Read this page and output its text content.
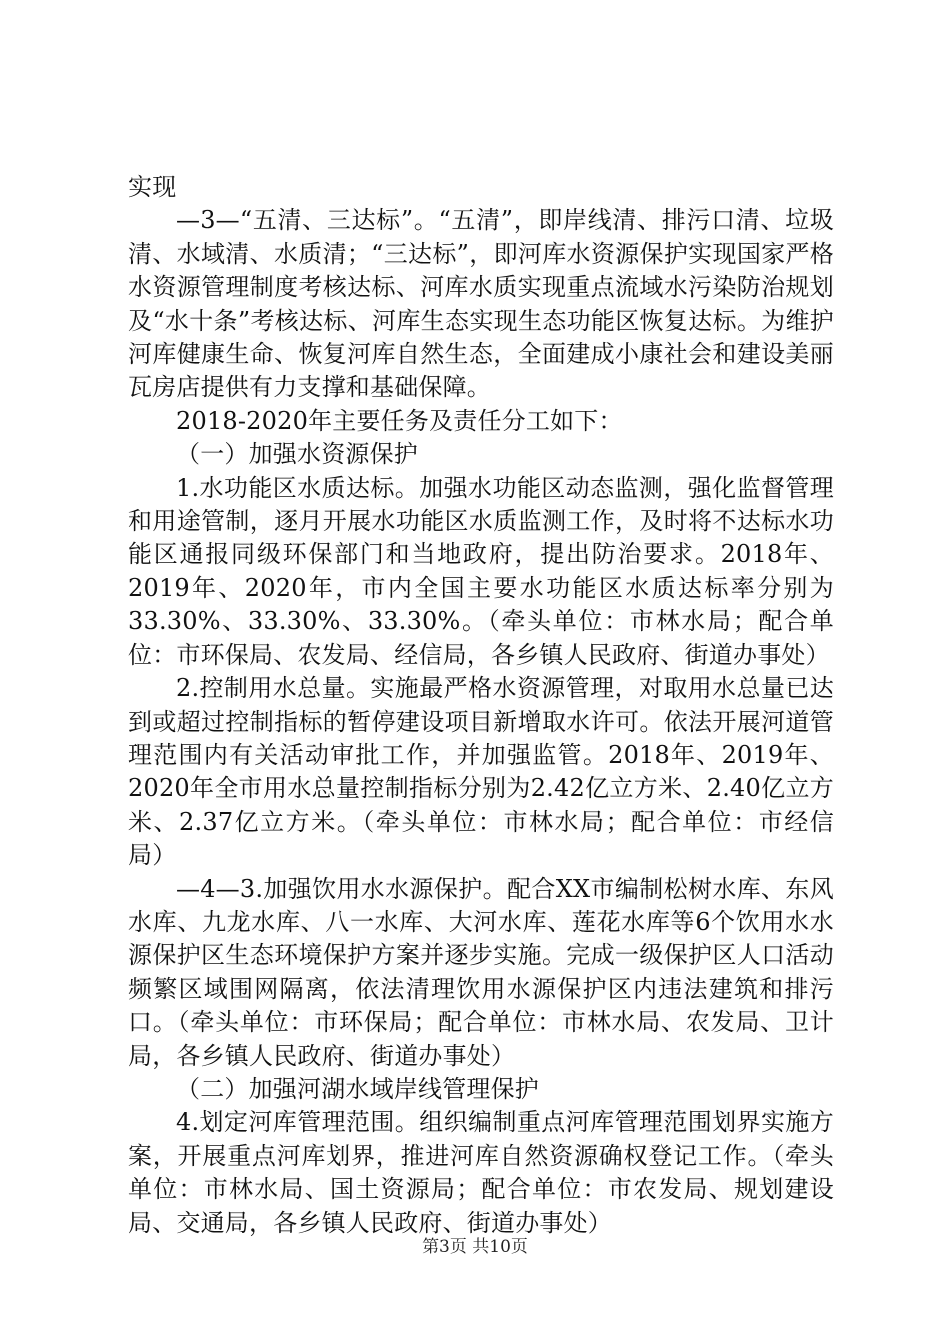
实现

—3—“五清、三达标”。“五清”，即岸线清、排污口清、垃圾清、水域清、水质清；“三达标”，即河库水资源保护实现国家严格水资源管理制度考核达标、河库水质实现重点流域水污染防治规划及“水十条”考核达标、河库生态实现生态功能区恢复达标。为维护河库健康生命、恢复河库自然生态，全面建成小康社会和建设美丽瓦房店提供有力支撑和基础保障。

2018-2020年主要任务及责任分工如下：

（一）加强水资源保护

1.水功能区水质达标。加强水功能区动态监测，强化监督管理和用途管制，逐月开展水功能区水质监测工作，及时将不达标水功能区通报同级环保部门和当地政府，提出防治要求。2018年、2019年、2020年，市内全国主要水功能区水质达标率分别为33.30%、33.30%、33.30%。（牵头单位：市林水局；配合单位：市环保局、农发局、经信局，各乡镇人民政府、街道办事处）

2.控制用水总量。实施最严格水资源管理，对取用水总量已达到或超过控制指标的暂停建设项目新增取水许可。依法开展河道管理范围内有关活动审批工作，并加强监管。2018年、2019年、2020年全市用水总量控制指标分别为2.42亿立方米、2.40亿立方米、2.37亿立方米。（牵头单位：市林水局；配合单位：市经信局）

—4—3.加强饮用水水源保护。配合XX市编制松树水库、东风水库、九龙水库、八一水库、大河水库、莲花水库等6个饮用水水源保护区生态环境保护方案并逐步实施。完成一级保护区人口活动频繁区域围网隔离，依法清理饮用水源保护区内违法建筑和排污口。（牵头单位：市环保局；配合单位：市林水局、农发局、卫计局，各乡镇人民政府、街道办事处）

（二）加强河湖水域岸线管理保护

4.划定河库管理范围。组织编制重点河库管理范围划界实施方案，开展重点河库划界，推进河库自然资源确权登记工作。（牵头单位：市林水局、国土资源局；配合单位：市农发局、规划建设局、交通局，各乡镇人民政府、街道办事处）

第3页 共10页
